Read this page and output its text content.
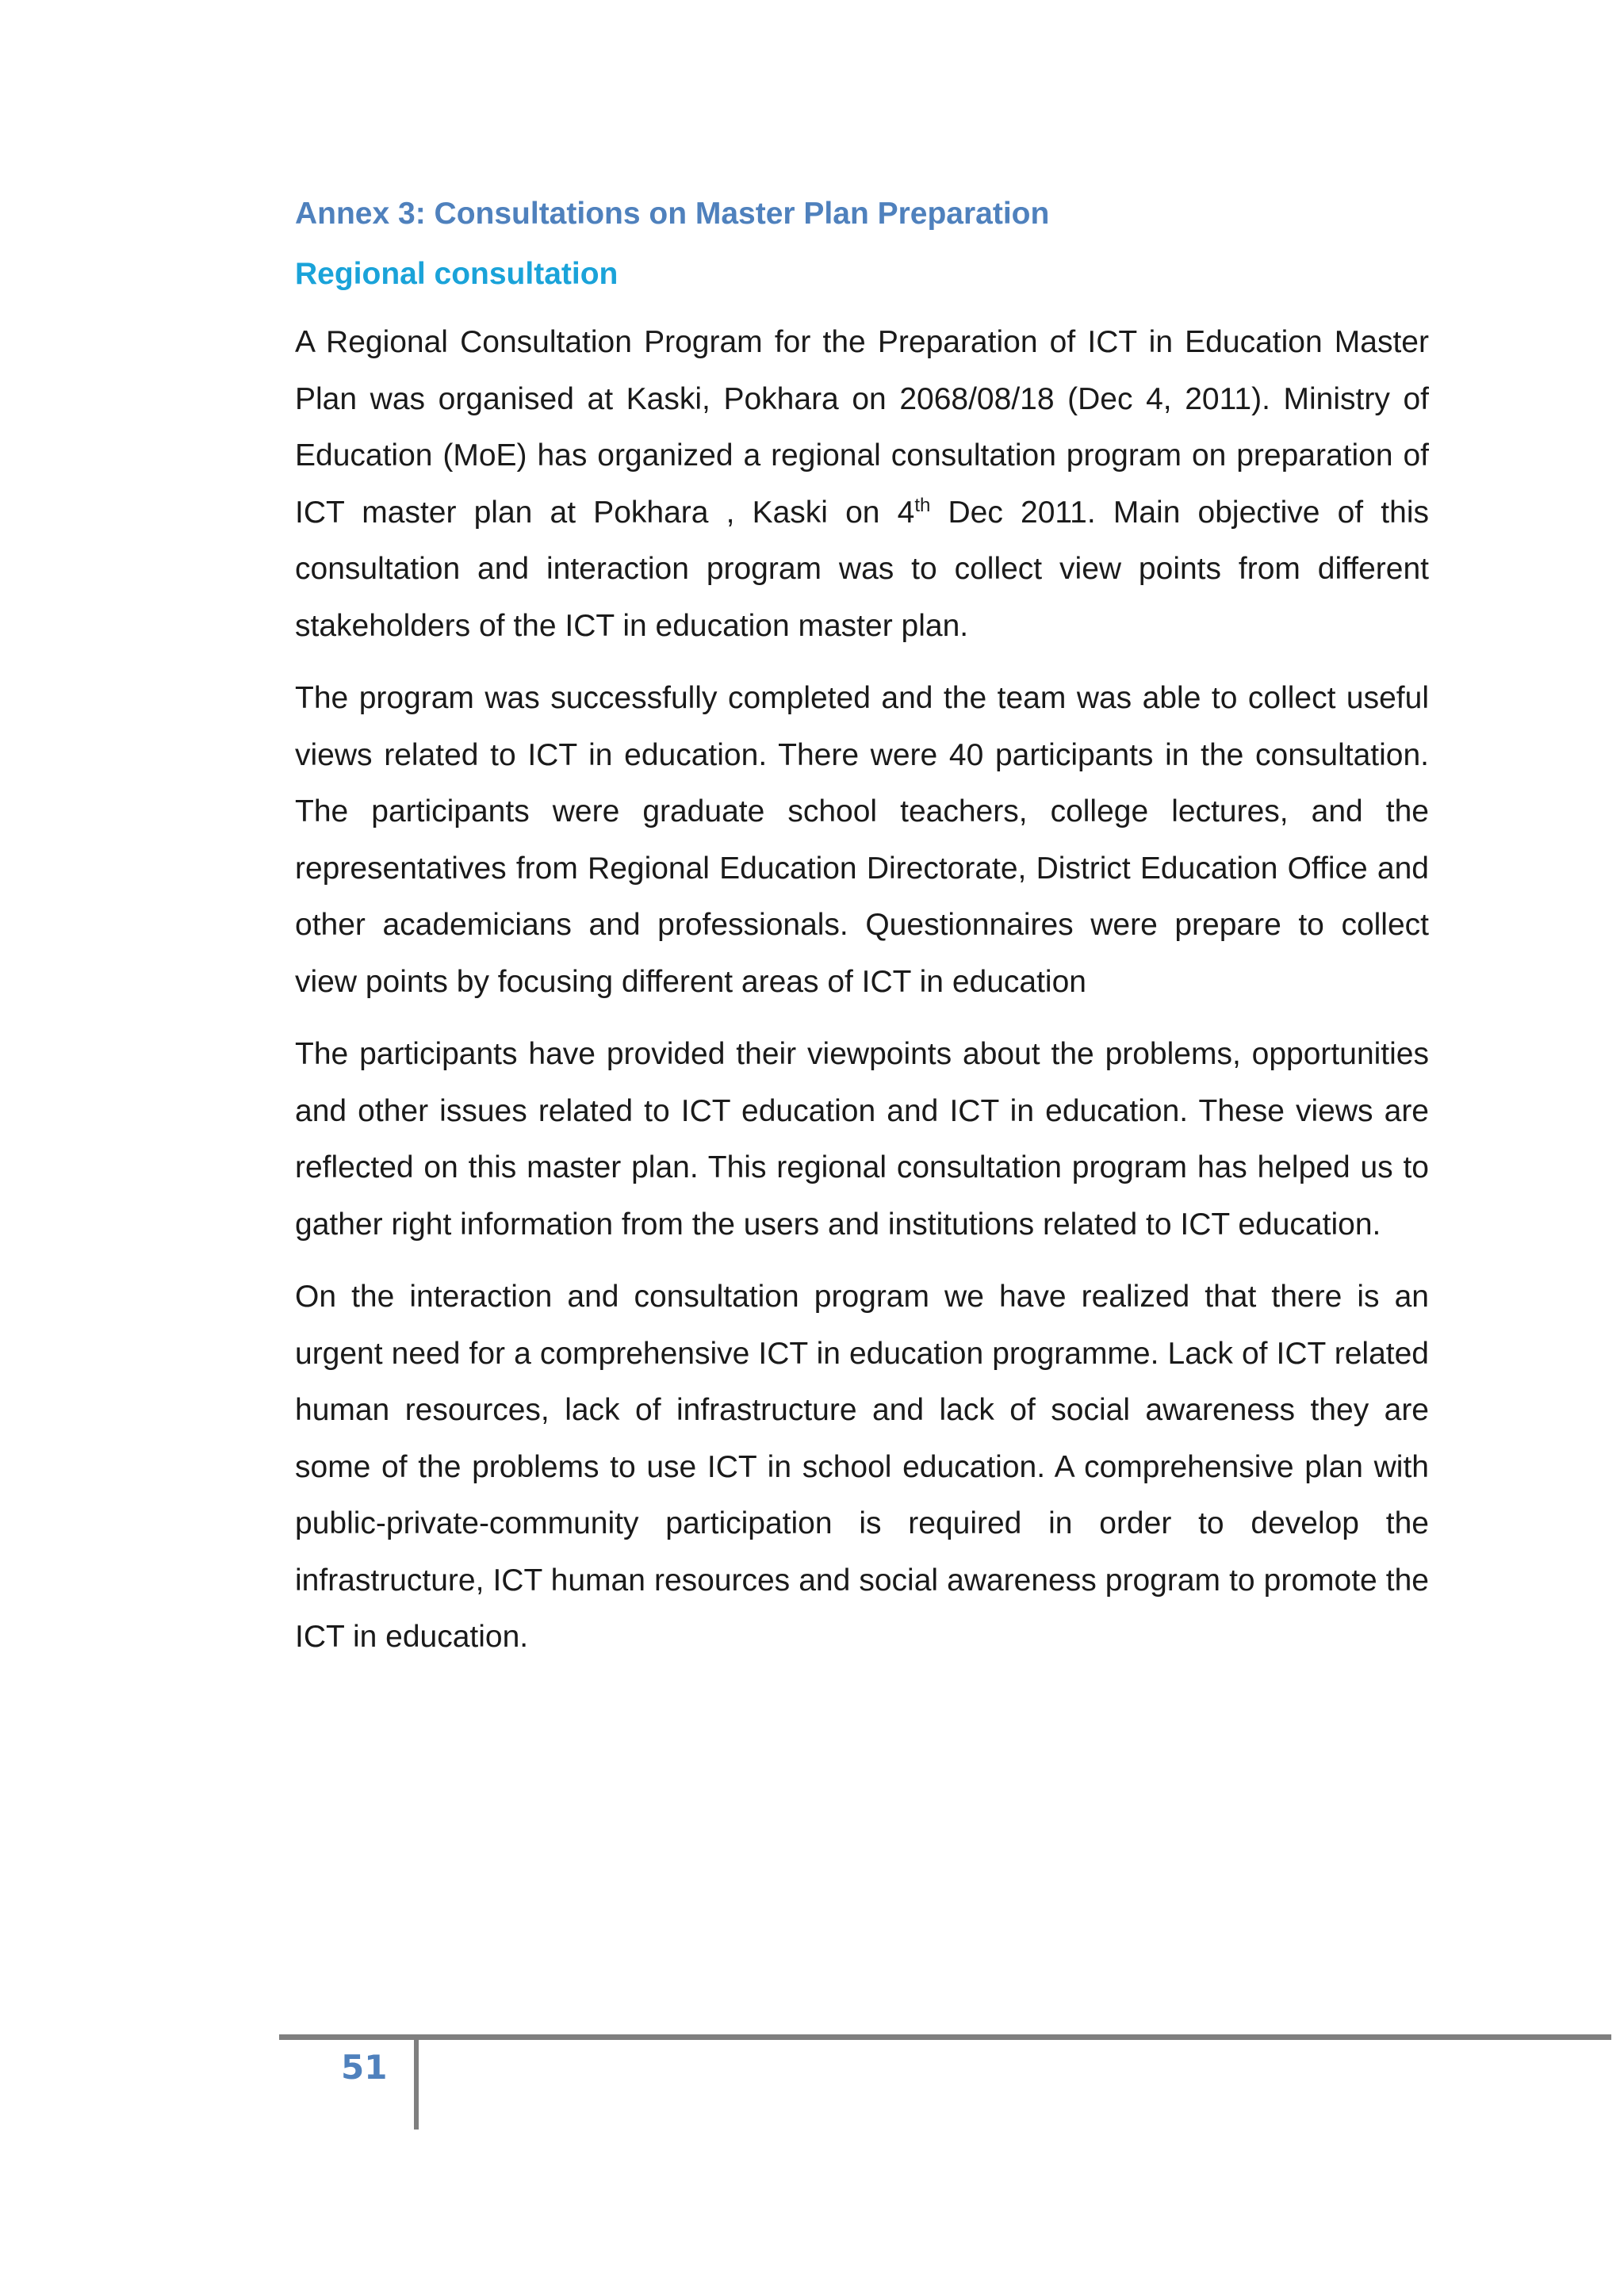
Annex 3: Consultations on Master Plan Preparation
Regional consultation

A Regional Consultation Program for the Preparation of ICT in Education Master Plan was organised at Kaski, Pokhara on 2068/08/18 (Dec 4, 2011). Ministry of Education (MoE) has organized a regional consultation program on preparation of ICT master plan at Pokhara , Kaski on 4th Dec 2011. Main objective of this consultation and interaction program was to collect view points from different stakeholders of the ICT in education master plan.

The program was successfully completed and the team was able to collect useful views related to ICT in education. There were 40 participants in the consultation. The participants were graduate school teachers, college lectures, and the representatives from Regional Education Directorate, District Education Office and other academicians and professionals. Questionnaires were prepare to collect view points by focusing different areas of ICT in education

The participants have provided their viewpoints about the problems, opportunities and other issues related to ICT education and ICT in education. These views are reflected on this master plan. This regional consultation program has helped us to gather right information from the users and institutions related to ICT education.

On the interaction and consultation program we have realized that there is an urgent need for a comprehensive ICT in education programme. Lack of ICT related human resources, lack of infrastructure and lack of social awareness they are some of the problems to use ICT in school education. A comprehensive plan with public-private-community participation is required in order to develop the infrastructure, ICT human resources and social awareness program to promote the ICT in education.

51
